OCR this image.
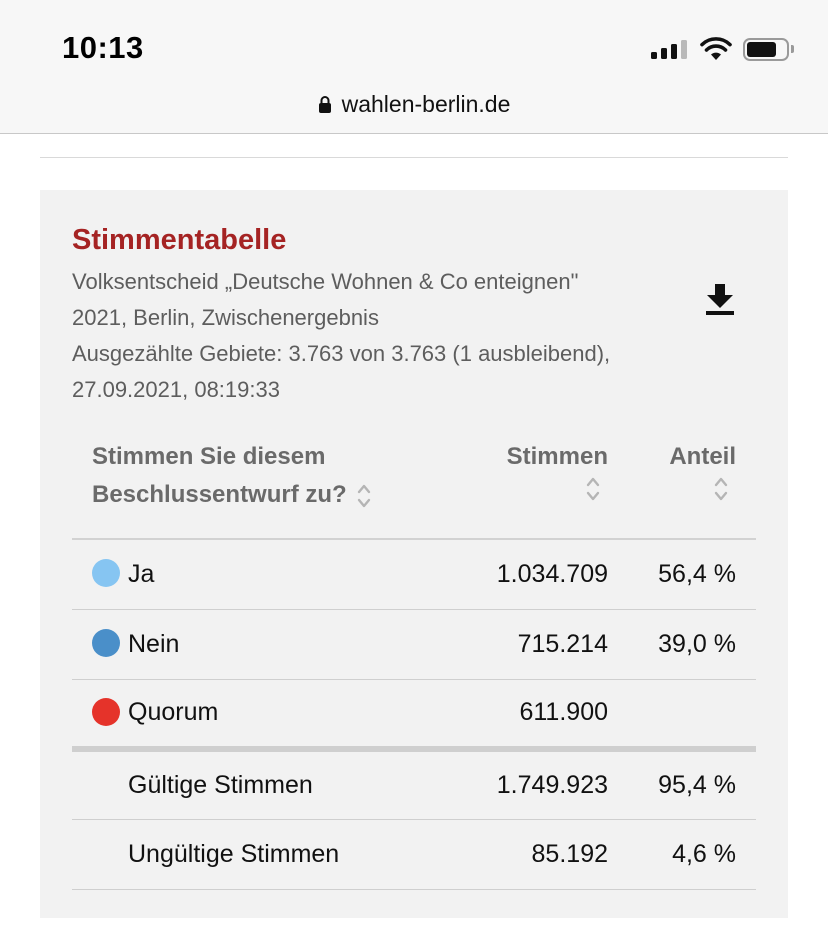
10:13
wahlen-berlin.de
Stimmentabelle
Volksentscheid „Deutsche Wohnen & Co enteignen"
2021, Berlin, Zwischenergebnis
Ausgezählte Gebiete: 3.763 von 3.763 (1 ausbleibend),
27.09.2021, 08:19:33
Stimmen Sie diesem
Beschlussentwurf zu?	Stimmen	Anteil

Ja	1.034.709	56,4 %
Nein	715.214	39,0 %
Quorum	611.900	
Gültige Stimmen	1.749.923	95,4 %
Ungültige Stimmen	85.192	4,6 %
